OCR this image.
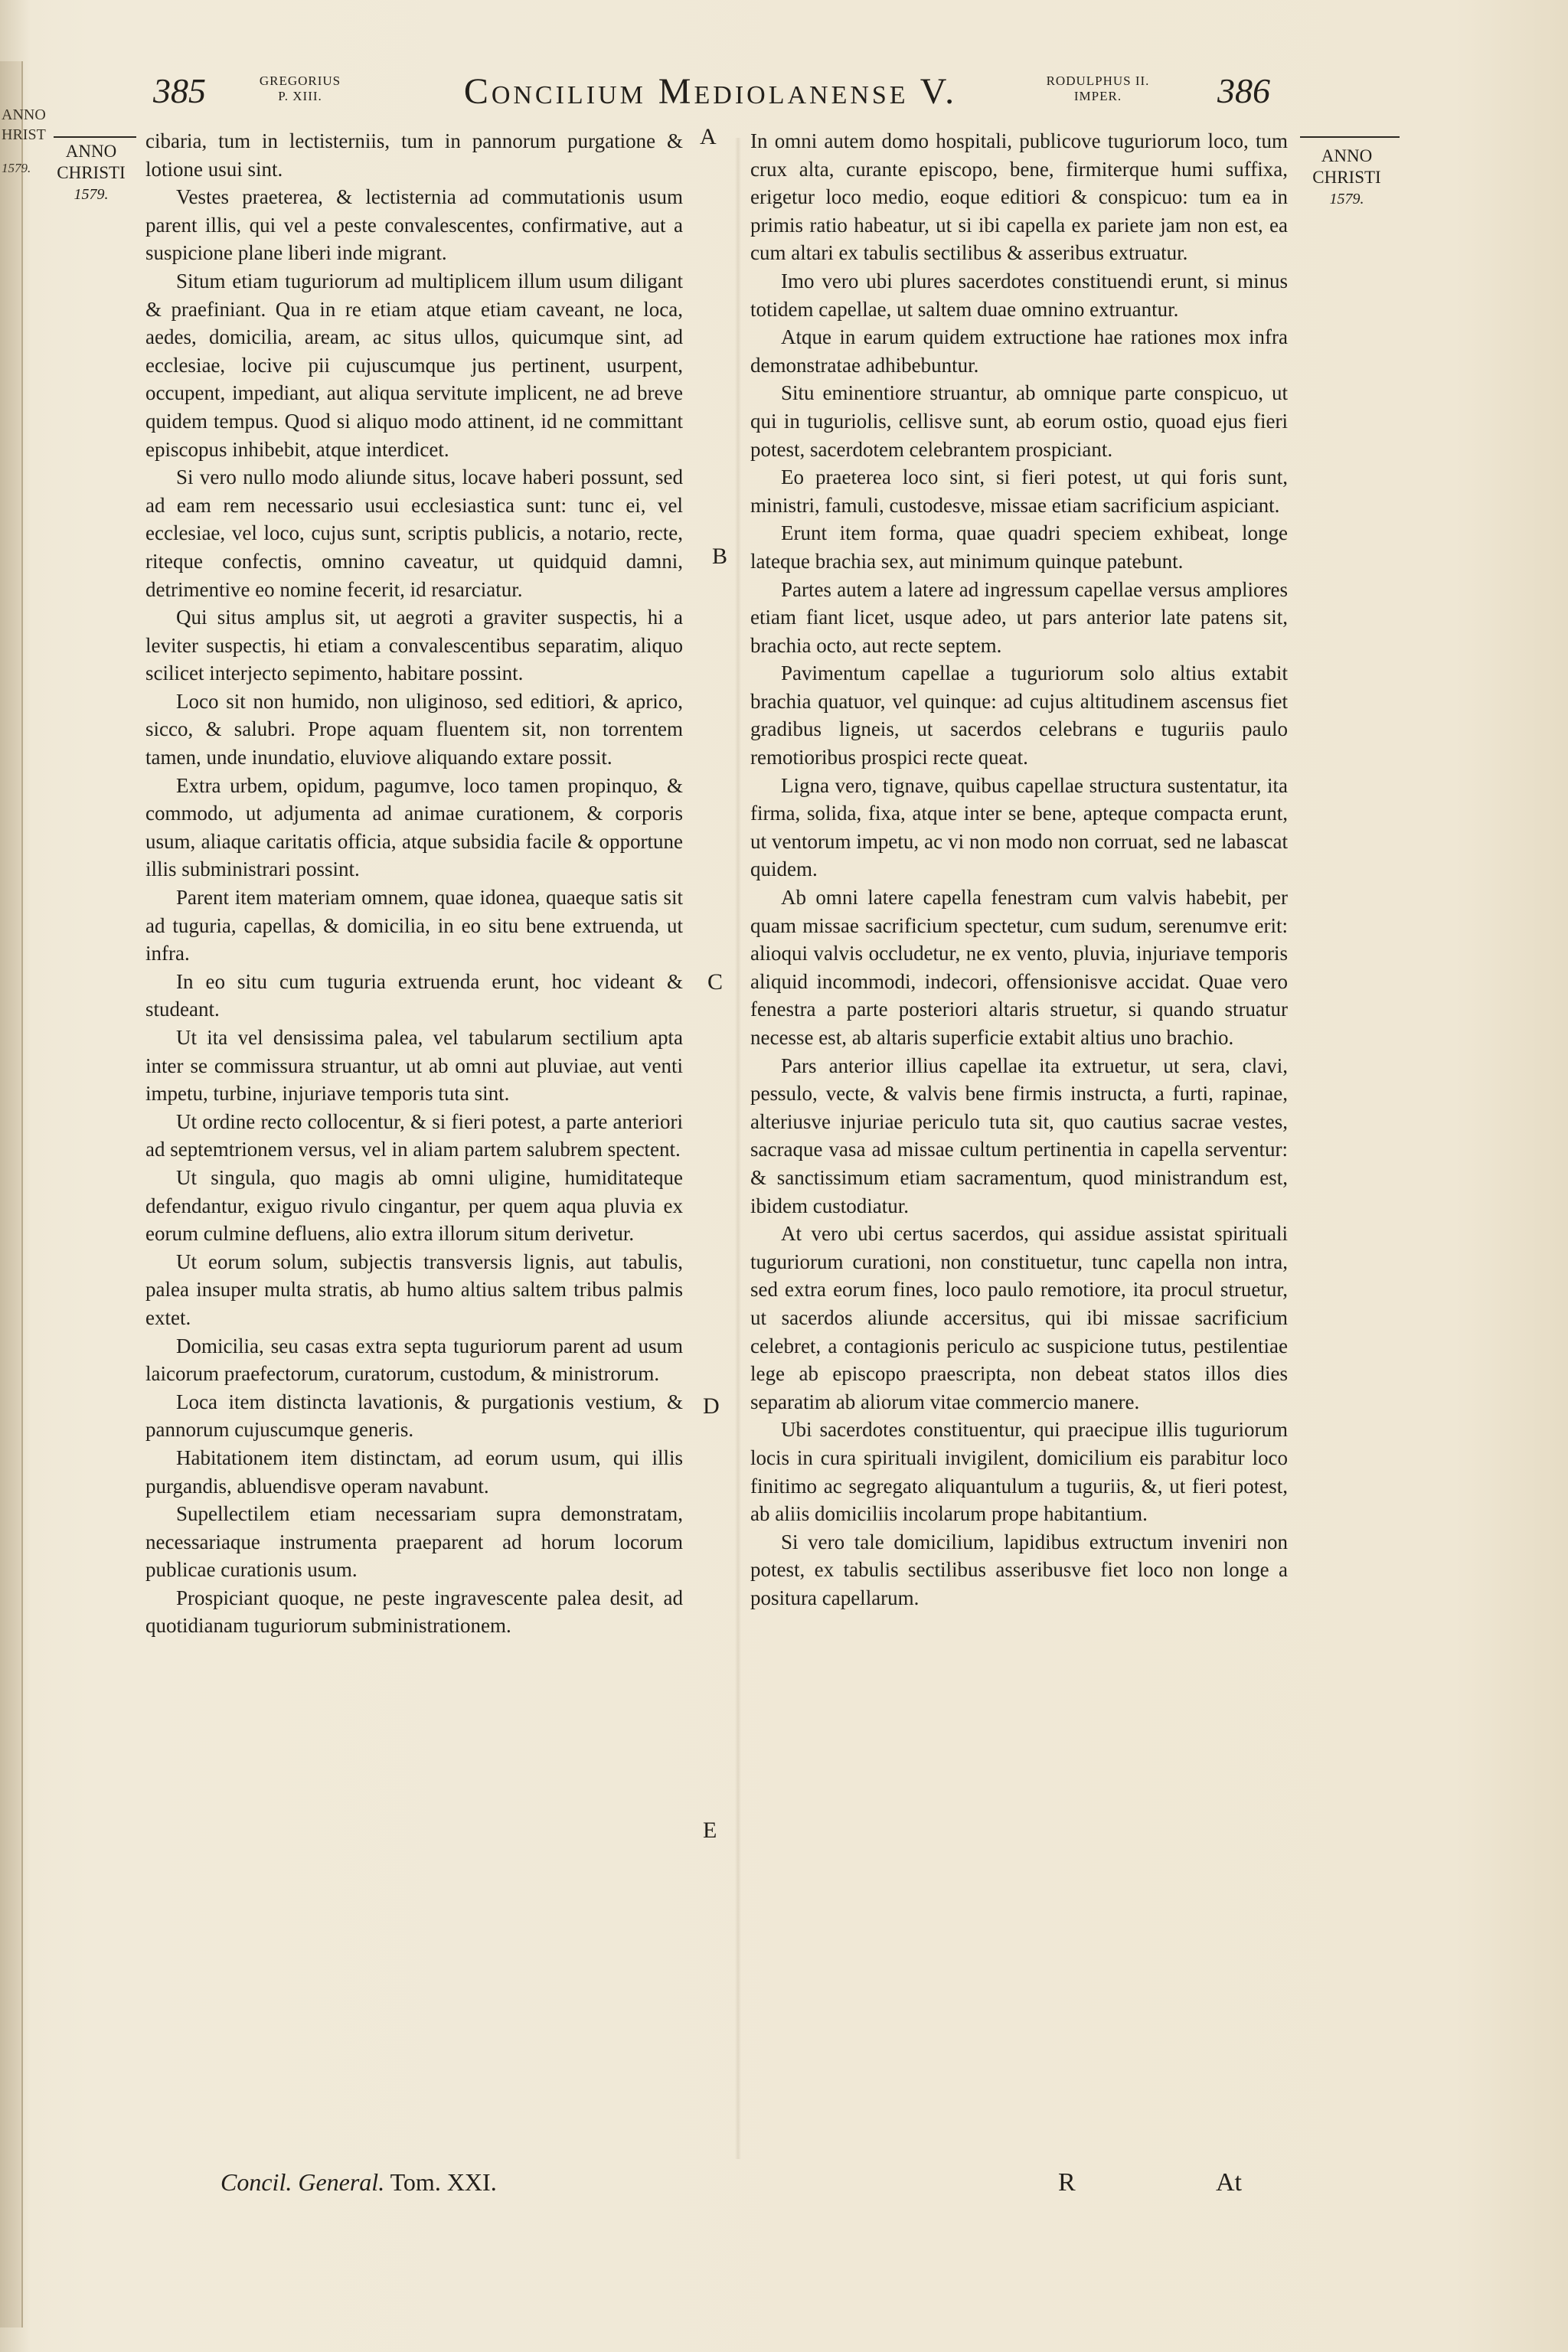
ANNO
HRIST
1579.
385	GREGORIUS
P. XIII.	Concilium Mediolanense V.	RODULPHUS II.
IMPER.	386
ANNO
CHRISTI
1579.
ANNO
CHRISTI
1579.

cibaria, tum in lectisterniis, tum in pannorum purgatione & lotione usui sint.

Vestes praeterea, & lectisternia ad commutationis usum parent illis, qui vel a peste convalescentes, confirmative, aut a suspicione plane liberi inde migrant.

Situm etiam tuguriorum ad multiplicem illum usum diligant & praefiniant. Qua in re etiam atque etiam caveant, ne loca, aedes, domicilia, aream, ac situs ullos, quicumque sint, ad ecclesiae, locive pii cujuscumque jus pertinent, usurpent, occupent, impediant, aut aliqua servitute implicent, ne ad breve quidem tempus. Quod si aliquo modo attinent, id ne committant episcopus inhibebit, atque interdicet.

Si vero nullo modo aliunde situs, locave haberi possunt, sed ad eam rem necessario usui ecclesiastica sunt: tunc ei, vel ecclesiae, vel loco, cujus sunt, scriptis publicis, a notario, recte, riteque confectis, omnino caveatur, ut quidquid damni, detrimentive eo nomine fecerit, id resarciatur.

Qui situs amplus sit, ut aegroti a graviter suspectis, hi a leviter suspectis, hi etiam a convalescentibus separatim, aliquo scilicet interjecto sepimento, habitare possint.

Loco sit non humido, non uliginoso, sed editiori, & aprico, sicco, & salubri. Prope aquam fluentem sit, non torrentem tamen, unde inundatio, eluviove aliquando extare possit.

Extra urbem, opidum, pagumve, loco tamen propinquo, & commodo, ut adjumenta ad animae curationem, & corporis usum, aliaque caritatis officia, atque subsidia facile & opportune illis subministrari possint.

Parent item materiam omnem, quae idonea, quaeque satis sit ad tuguria, capellas, & domicilia, in eo situ bene extruenda, ut infra.

In eo situ cum tuguria extruenda erunt, hoc videant & studeant.

Ut ita vel densissima palea, vel tabularum sectilium apta inter se commissura struantur, ut ab omni aut pluviae, aut venti impetu, turbine, injuriave temporis tuta sint.

Ut ordine recto collocentur, & si fieri potest, a parte anteriori ad septemtrionem versus, vel in aliam partem salubrem spectent.

Ut singula, quo magis ab omni uligine, humiditateque defendantur, exiguo rivulo cingantur, per quem aqua pluvia ex eorum culmine defluens, alio extra illorum situm derivetur.

Ut eorum solum, subjectis transversis lignis, aut tabulis, palea insuper multa stratis, ab humo altius saltem tribus palmis extet.

Domicilia, seu casas extra septa tuguriorum parent ad usum laicorum praefectorum, curatorum, custodum, & ministrorum.

Loca item distincta lavationis, & purgationis vestium, & pannorum cujuscumque generis.

Habitationem item distinctam, ad eorum usum, qui illis purgandis, abluendisve operam navabunt.

Supellectilem etiam necessariam supra demonstratam, necessariaque instrumenta praeparent ad horum locorum publicae curationis usum.

Prospiciant quoque, ne peste ingravescente palea desit, ad quotidianam tuguriorum subministrationem.

In omni autem domo hospitali, publicove tuguriorum loco, tum crux alta, curante episcopo, bene, firmiterque humi suffixa, erigetur loco medio, eoque editiori & conspicuo: tum ea in primis ratio habeatur, ut si ibi capella ex pariete jam non est, ea cum altari ex tabulis sectilibus & asseribus extruatur.

Imo vero ubi plures sacerdotes constituendi erunt, si minus totidem capellae, ut saltem duae omnino extruantur.

Atque in earum quidem extructione hae rationes mox infra demonstratae adhibebuntur.

Situ eminentiore struantur, ab omnique parte conspicuo, ut qui in tuguriolis, cellisve sunt, ab eorum ostio, quoad ejus fieri potest, sacerdotem celebrantem prospiciant.

Eo praeterea loco sint, si fieri potest, ut qui foris sunt, ministri, famuli, custodesve, missae etiam sacrificium aspiciant.

Erunt item forma, quae quadri speciem exhibeat, longe lateque brachia sex, aut minimum quinque patebunt.

Partes autem a latere ad ingressum capellae versus ampliores etiam fiant licet, usque adeo, ut pars anterior late patens sit, brachia octo, aut recte septem.

Pavimentum capellae a tuguriorum solo altius extabit brachia quatuor, vel quinque: ad cujus altitudinem ascensus fiet gradibus ligneis, ut sacerdos celebrans e tuguriis paulo remotioribus prospici recte queat.

Ligna vero, tignave, quibus capellae structura sustentatur, ita firma, solida, fixa, atque inter se bene, apteque compacta erunt, ut ventorum impetu, ac vi non modo non corruat, sed ne labascat quidem.

Ab omni latere capella fenestram cum valvis habebit, per quam missae sacrificium spectetur, cum sudum, serenumve erit: alioqui valvis occludetur, ne ex vento, pluvia, injuriave temporis aliquid incommodi, indecori, offensionisve accidat. Quae vero fenestra a parte posteriori altaris struetur, si quando struatur necesse est, ab altaris superficie extabit altius uno brachio.

Pars anterior illius capellae ita extruetur, ut sera, clavi, pessulo, vecte, & valvis bene firmis instructa, a furti, rapinae, alteriusve injuriae periculo tuta sit, quo cautius sacrae vestes, sacraque vasa ad missae cultum pertinentia in capella serventur: & sanctissimum etiam sacramentum, quod ministrandum est, ibidem custodiatur.

At vero ubi certus sacerdos, qui assidue assistat spirituali tuguriorum curationi, non constituetur, tunc capella non intra, sed extra eorum fines, loco paulo remotiore, ita procul struetur, ut sacerdos aliunde accersitus, qui ibi missae sacrificium celebret, a contagionis periculo ac suspicione tutus, pestilentiae lege ab episcopo praescripta, non debeat statos illos dies separatim ab aliorum vitae commercio manere.

Ubi sacerdotes constituentur, qui praecipue illis tuguriorum locis in cura spirituali invigilent, domicilium eis parabitur loco finitimo ac segregato aliquantulum a tuguriis, &, ut fieri potest, ab aliis domiciliis incolarum prope habitantium.

Si vero tale domicilium, lapidibus extructum inveniri non potest, ex tabulis sectilibus asseribusve fiet loco non longe a positura capellarum.

A
B
C
D
E
Concil. General. Tom. XXI.	R	At
